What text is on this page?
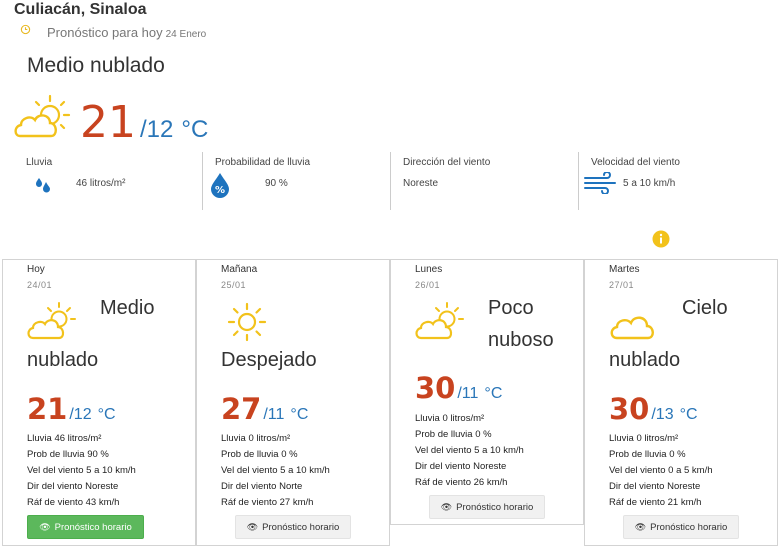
Culiacán, Sinaloa
Pronóstico para hoy 24 Enero
Medio nublado
21 /12 °C
Lluvia
46 litros/m²
Probabilidad de lluvia
%
90 %
Dirección del viento
Noreste
Velocidad del viento
5 a 10 km/h
Hoy
24/01
Medio
nublado
21 /12 °C
Lluvia 46 litros/m²
Prob de lluvia 90 %
Vel del viento 5 a 10 km/h
Dir del viento Noreste
Ráf de viento 43 km/h
👁 Pronóstico horario
Mañana
25/01
Despejado
27 /11 °C
Lluvia 0 litros/m²
Prob de lluvia 0 %
Vel del viento 5 a 10 km/h
Dir del viento Norte
Ráf de viento 27 km/h
👁 Pronóstico horario
Lunes
26/01
Poco
nuboso
30 /11 °C
Lluvia 0 litros/m²
Prob de lluvia 0 %
Vel del viento 5 a 10 km/h
Dir del viento Noreste
Ráf de viento 26 km/h
👁 Pronóstico horario
Martes
27/01
Cielo
nublado
30 /13 °C
Lluvia 0 litros/m²
Prob de lluvia 0 %
Vel del viento 0 a 5 km/h
Dir del viento Noreste
Ráf de viento 21 km/h
👁 Pronóstico horario
